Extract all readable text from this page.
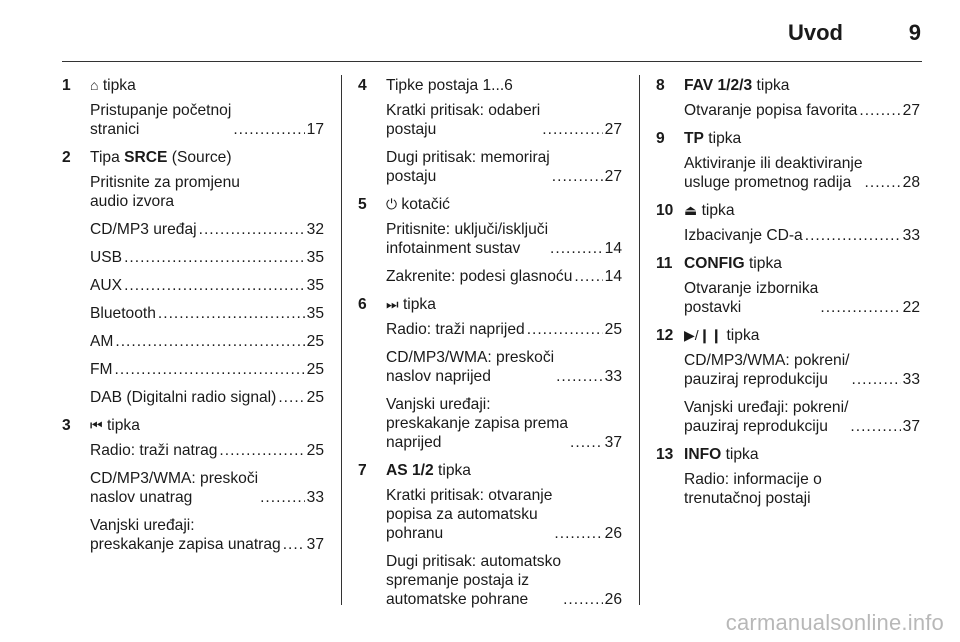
Uvod	9
1 ⌂ tipka
Pristupanje početnoj
stranici .....	17
2 Tipa SRCE (Source)
Pritisnite za promjenu
audio izvora
CD/MP3 uređaj .....	32
USB .....	35
AUX .....	35
Bluetooth .....	35
AM .....	25
FM .....	25
DAB (Digitalni radio signal) ..... 25
3 ⏮ tipka
Radio: traži natrag .....	25
CD/MP3/WMA: preskoči
naslov unatrag .....	33
Vanjski uređaji:
preskakanje zapisa unatrag ..... 37
4 Tipke postaja 1...6
Kratki pritisak: odaberi
postaju .....	27
Dugi pritisak: memoriraj
postaju .....	27
5 ⏻ kotačić
Pritisnite: uključi/isključi
infotainment sustav .....	14
Zakrenite: podesi glasnoću ..... 14
6 ⏭ tipka
Radio: traži naprijed .....	25
CD/MP3/WMA: preskoči
naslov naprijed .....	33
Vanjski uređaji:
preskakanje zapisa prema
naprijed .....	37
7 AS 1/2 tipka
Kratki pritisak: otvaranje
popisa za automatsku
pohranu .....	26
Dugi pritisak: automatsko
spremanje postaja iz
automatske pohrane .....	26
8 FAV 1/2/3 tipka
Otvaranje popisa favorita .....	27
9 TP tipka
Aktiviranje ili deaktiviranje
usluge prometnog radija .....	28
10 ⏏ tipka
Izbacivanje CD-a .....	33
11 CONFIG tipka
Otvaranje izbornika
postavki .....	22
12 ▶/❙❙ tipka
CD/MP3/WMA: pokreni/
pauziraj reprodukciju .....	33
Vanjski uređaji: pokreni/
pauziraj reprodukciju .....	37
13 INFO tipka
Radio: informacije o
trenutačnoj postaji
carmanualsonline.info
